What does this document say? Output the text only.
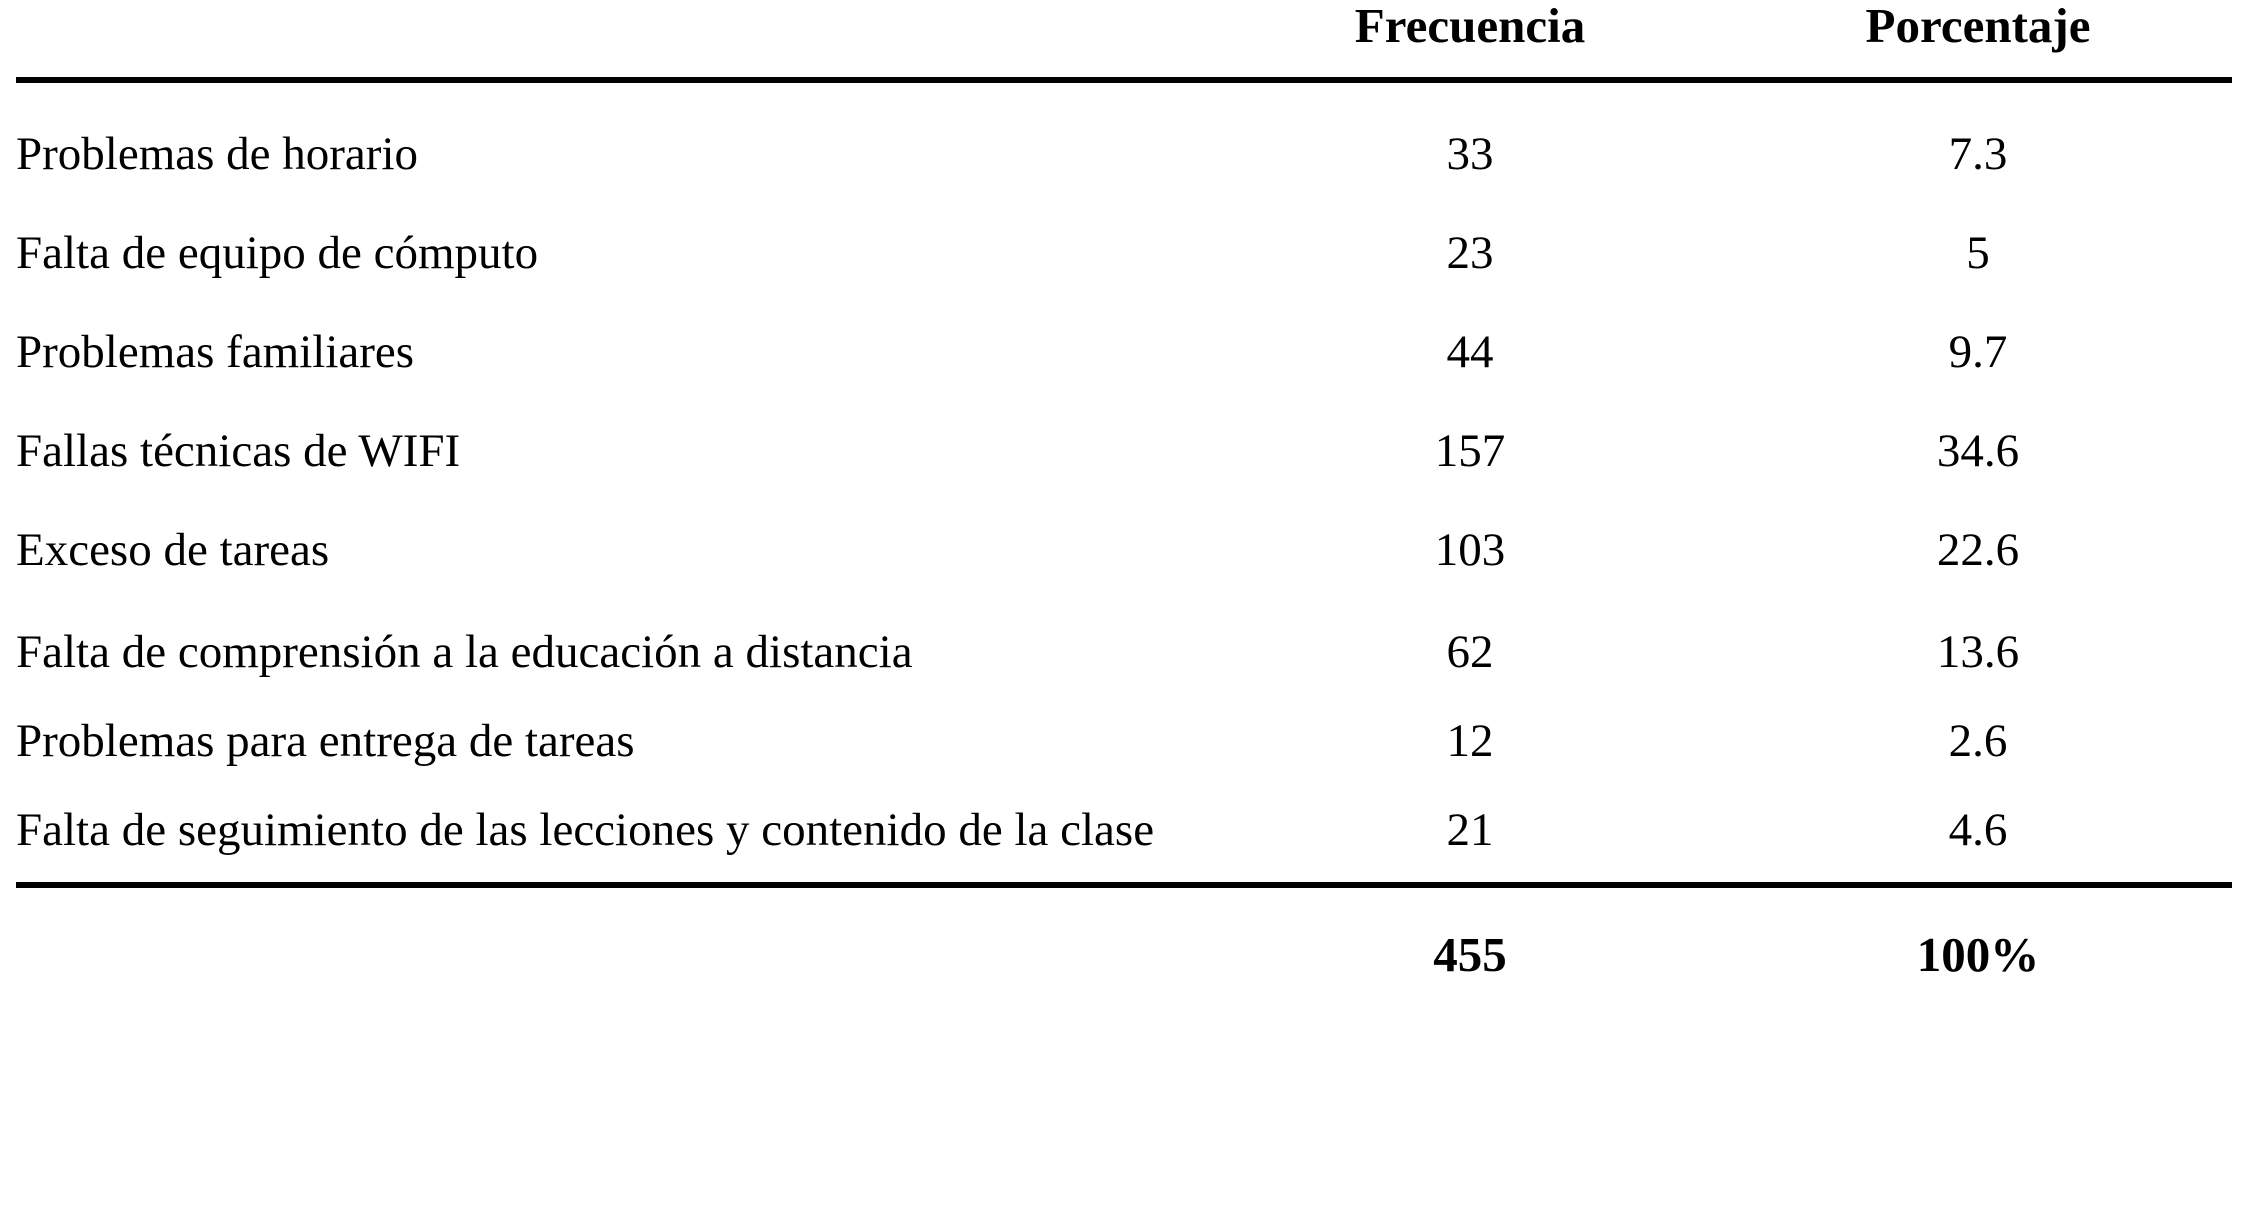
	Frecuencia	Porcentaje
Problemas de horario	33	7.3
Falta de equipo de cómputo	23	5
Problemas familiares	44	9.7
Fallas técnicas de WIFI	157	34.6
Exceso de tareas	103	22.6
Falta de comprensión a la educación a distancia	62	13.6
Problemas para entrega de tareas	12	2.6
Falta de seguimiento de las lecciones y contenido de la clase	21	4.6
	455	100%
